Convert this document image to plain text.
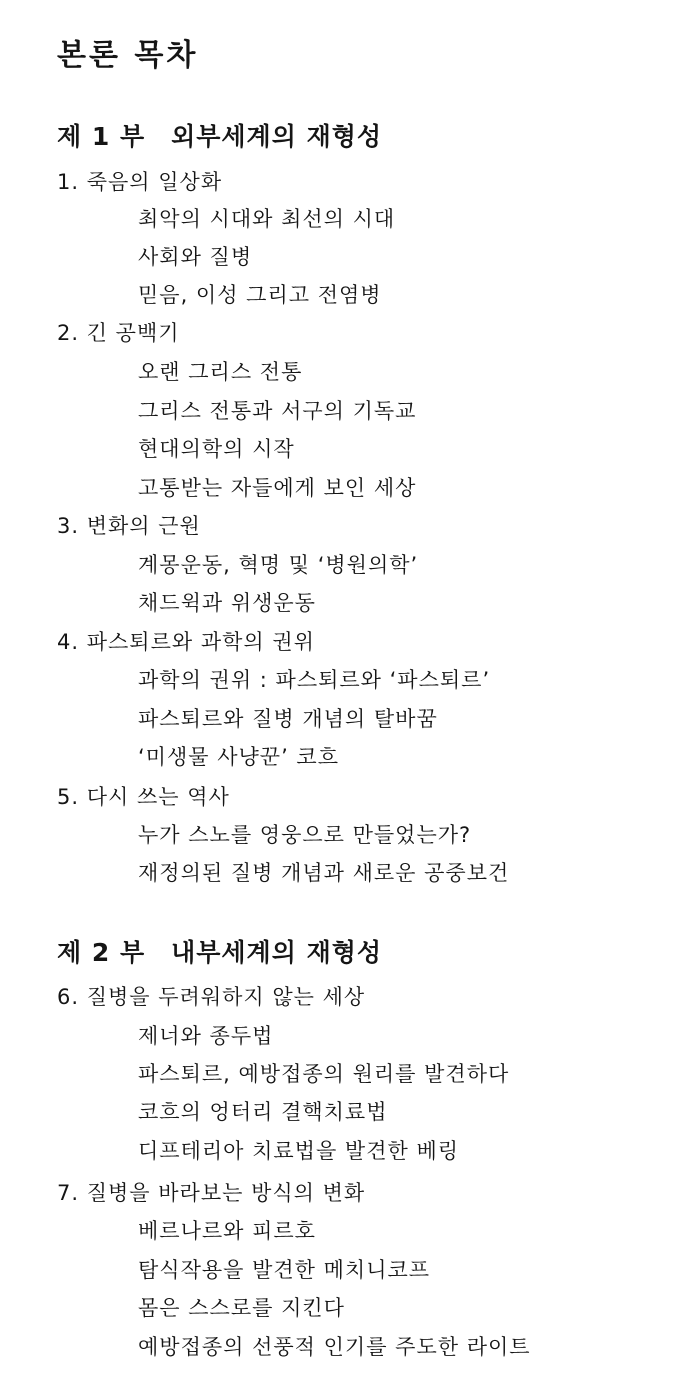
본론 목차
제 1 부 외부세계의 재형성
1. 죽음의 일상화
최악의 시대와 최선의 시대
사회와 질병
믿음, 이성 그리고 전염병
2. 긴 공백기
오랜 그리스 전통
그리스 전통과 서구의 기독교
현대의학의 시작
고통받는 자들에게 보인 세상
3. 변화의 근원
계몽운동, 혁명 및 ‘병원의학’
채드윅과 위생운동
4. 파스퇴르와 과학의 권위
과학의 권위 : 파스퇴르와 ‘파스퇴르’
파스퇴르와 질병 개념의 탈바꿈
‘미생물 사냥꾼’ 코흐
5. 다시 쓰는 역사
누가 스노를 영웅으로 만들었는가?
재정의된 질병 개념과 새로운 공중보건
제 2 부 내부세계의 재형성
6. 질병을 두려워하지 않는 세상
제너와 종두법
파스퇴르, 예방접종의 원리를 발견하다
코흐의 엉터리 결핵치료법
디프테리아 치료법을 발견한 베링
7. 질병을 바라보는 방식의 변화
베르나르와 피르호
탐식작용을 발견한 메치니코프
몸은 스스로를 지킨다
예방접종의 선풍적 인기를 주도한 라이트
